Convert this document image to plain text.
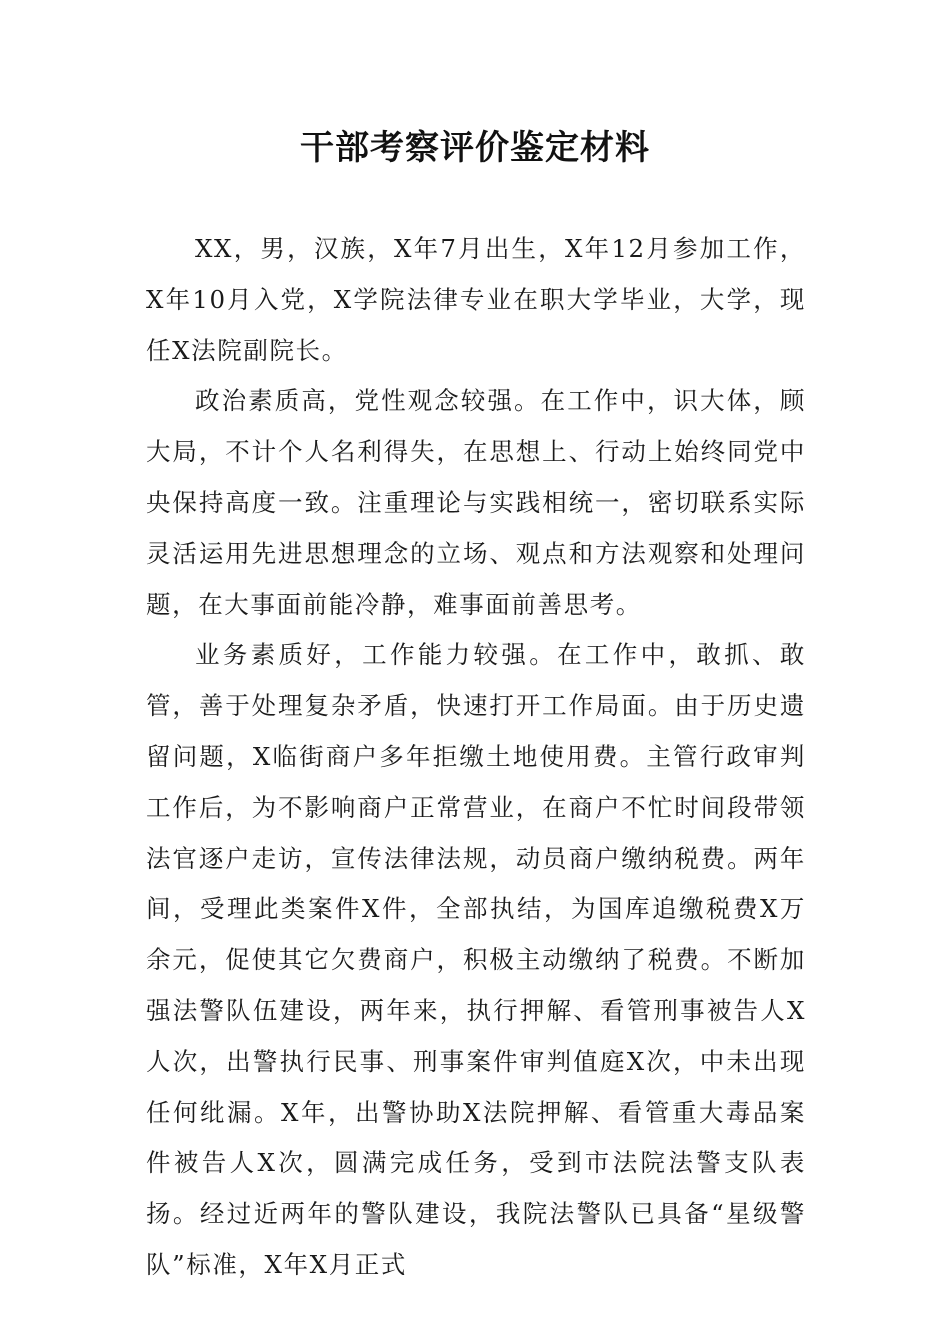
干部考察评价鉴定材料

XX，男，汉族，X年7月出生，X年12月参加工作，X年10月入党，X学院法律专业在职大学毕业，大学，现任X法院副院长。

政治素质高，党性观念较强。在工作中，识大体，顾大局，不计个人名利得失，在思想上、行动上始终同党中央保持高度一致。注重理论与实践相统一，密切联系实际灵活运用先进思想理念的立场、观点和方法观察和处理问题，在大事面前能冷静，难事面前善思考。

业务素质好，工作能力较强。在工作中，敢抓、敢管，善于处理复杂矛盾，快速打开工作局面。由于历史遗留问题，X临街商户多年拒缴土地使用费。主管行政审判工作后，为不影响商户正常营业，在商户不忙时间段带领法官逐户走访，宣传法律法规，动员商户缴纳税费。两年间，受理此类案件X件，全部执结，为国库追缴税费X万余元，促使其它欠费商户，积极主动缴纳了税费。不断加强法警队伍建设，两年来，执行押解、看管刑事被告人X人次，出警执行民事、刑事案件审判值庭X次，中未出现任何纰漏。X年，出警协助X法院押解、看管重大毒品案件被告人X次，圆满完成任务，受到市法院法警支队表扬。经过近两年的警队建设，我院法警队已具备“星级警队”标准，X年X月正式
